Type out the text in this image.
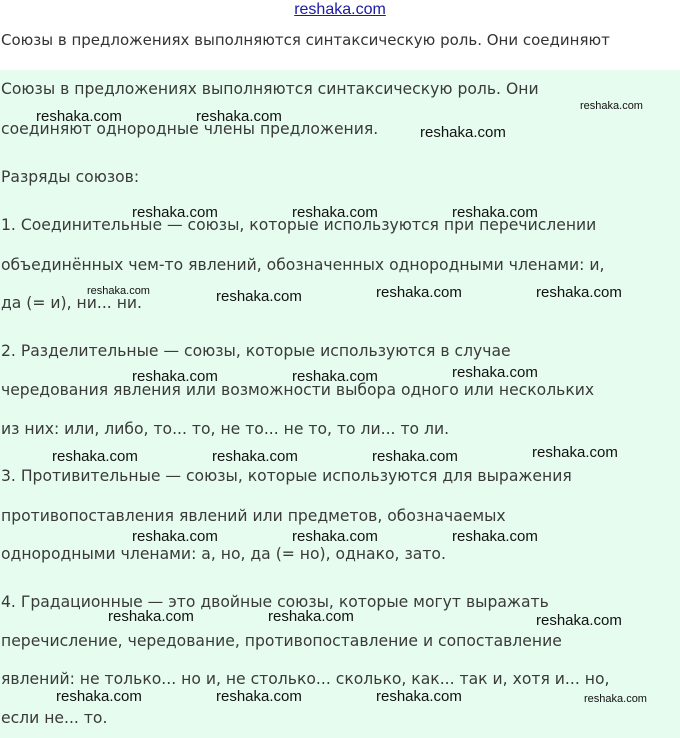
reshaka.com
Союзы в предложениях выполняются синтаксическую роль. Они соединяют
Союзы в предложениях выполняются синтаксическую роль. Они
соединяют однородные члены предложения.
Разряды союзов:
1. Соединительные — союзы, которые используются при перечислении
объединённых чем-то явлений, обозначенных однородными членами: и,
да (= и), ни... ни.
2. Разделительные — союзы, которые используются в случае
чередования явления или возможности выбора одного или нескольких
из них: или, либо, то... то, не то... не то, то ли... то ли.
3. Противительные — союзы, которые используются для выражения
противопоставления явлений или предметов, обозначаемых
однородными членами: а, но, да (= но), однако, зато.
4. Градационные — это двойные союзы, которые могут выражать
перечисление, чередование, противопоставление и сопоставление
явлений: не только... но и, не столько... сколько, как... так и, хотя и... но,
если не... то.
reshaka.com
reshaka.com	reshaka.com
reshaka.com
reshaka.com	reshaka.com	reshaka.com
reshaka.com	reshaka.com	reshaka.com	reshaka.com
reshaka.com	reshaka.com	reshaka.com
reshaka.com	reshaka.com	reshaka.com	reshaka.com
reshaka.com	reshaka.com	reshaka.com
reshaka.com	reshaka.com	reshaka.com
reshaka.com	reshaka.com	reshaka.com	reshaka.com
